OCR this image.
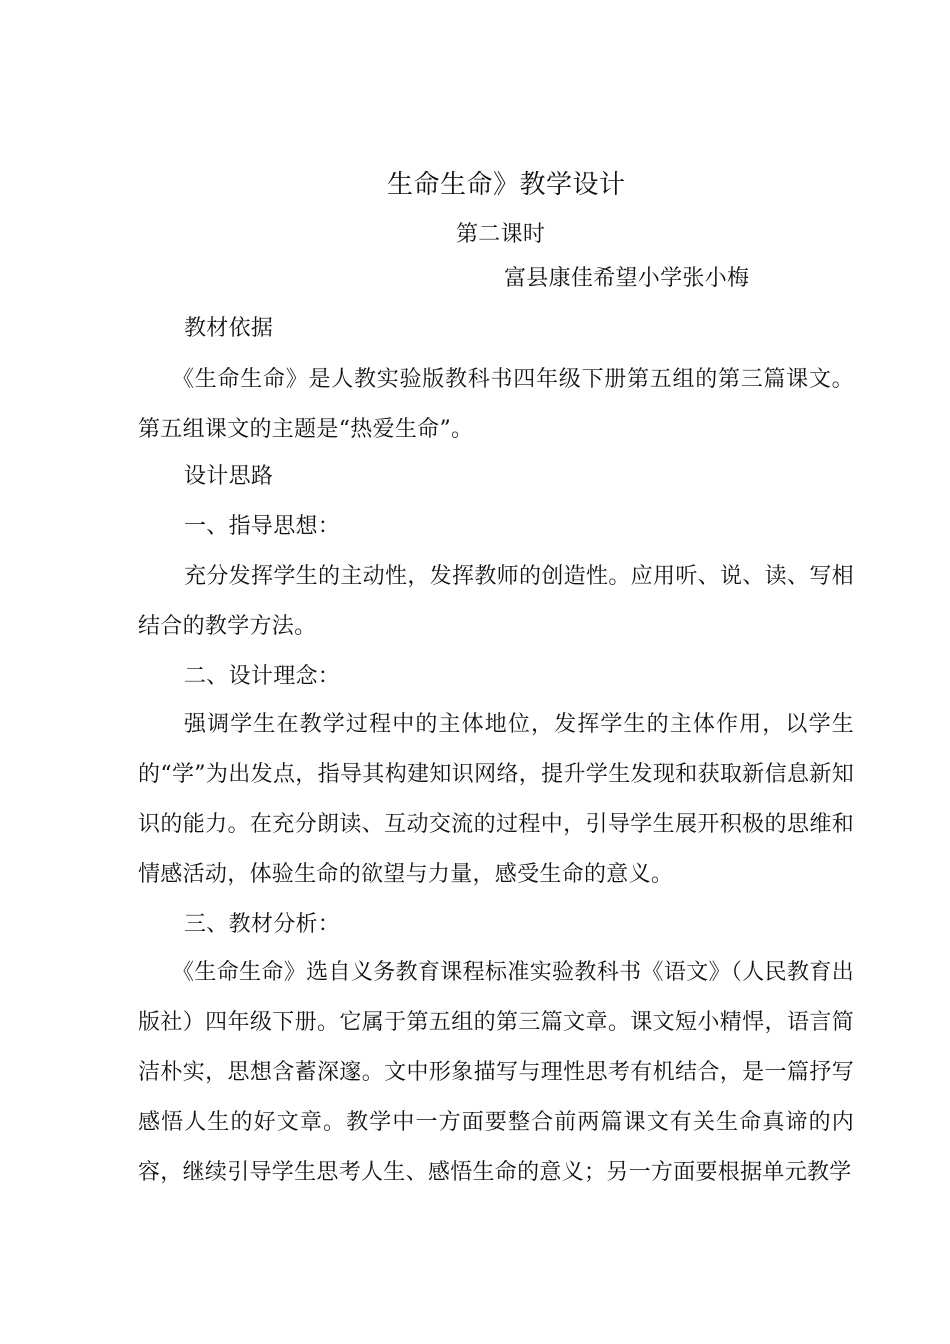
生命生命》教学设计
第二课时
富县康佳希望小学张小梅
教材依据
《生命生命》是人教实验版教科书四年级下册第五组的第三篇课文。第五组课文的主题是“热爱生命”。
设计思路
一、指导思想：
充分发挥学生的主动性，发挥教师的创造性。应用听、说、读、写相结合的教学方法。
二、设计理念：
强调学生在教学过程中的主体地位，发挥学生的主体作用，以学生的“学”为出发点，指导其构建知识网络，提升学生发现和获取新信息新知识的能力。在充分朗读、互动交流的过程中，引导学生展开积极的思维和情感活动，体验生命的欲望与力量，感受生命的意义。
三、教材分析：
《生命生命》选自义务教育课程标准实验教科书《语文》（人民教育出版社）四年级下册。它属于第五组的第三篇文章。课文短小精悍，语言简洁朴实，思想含蓄深邃。文中形象描写与理性思考有机结合，是一篇抒写感悟人生的好文章。教学中一方面要整合前两篇课文有关生命真谛的内容，继续引导学生思考人生、感悟生命的意义；另一方面要根据单元教学
